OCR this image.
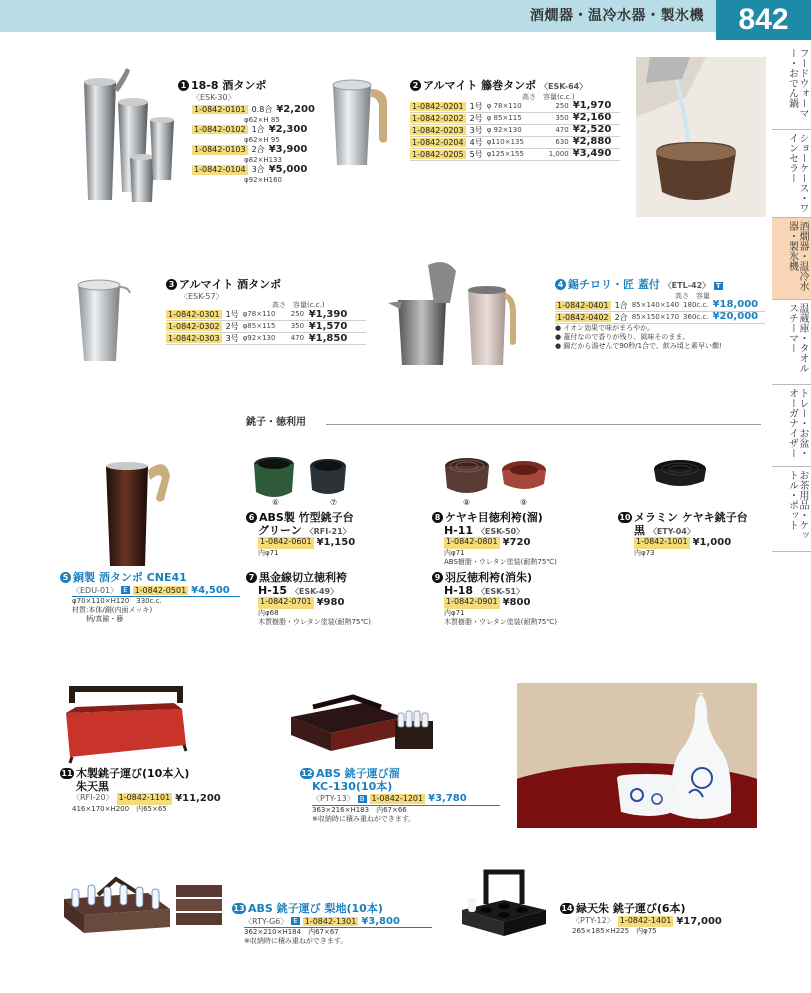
酒燗器・温冷水器・製氷機	842
フードウォーマー・おでん鍋
ショーケース・ワインセラー
酒燗器・温冷水器・製氷機
温蔵庫・タオルスチーマー
トレー・お盆・オーガナイザー
お茶用品・ケットル・ポット
1 18-8 酒タンポ
〈ESK-30〉
1-0842-0101 0.8合 ¥2,200
φ62×H 85
1-0842-0102 1合 ¥2,300
φ62×H 95
1-0842-0103 2合 ¥3,900
φ82×H133
1-0842-0104 3合 ¥5,000
φ92×H160
2 アルマイト 籐巻タンポ 〈ESK-64〉
高さ　 容量(c.c.)
1-0842-0201 1号 φ 78×110	250 ¥1,970
1-0842-0202 2号 φ 85×115	350 ¥2,160
1-0842-0203 3号 φ 92×130	470 ¥2,520
1-0842-0204 4号 φ110×135	630 ¥2,880
1-0842-0205 5号 φ125×155	1,000 ¥3,490
3 アルマイト 酒タンポ
〈ESK-57〉
高さ　 容量(c.c.)
1-0842-0301 1号 φ78×110	250 ¥1,390
1-0842-0302 2号 φ85×115	350 ¥1,570
1-0842-0303 3号 φ92×130	470 ¥1,850
4 錫チロリ・匠 蓋付 〈ETL-42〉 T
高さ　 容量
1-0842-0401 1合 85×140×140 180c.c. ¥18,000
1-0842-0402 2合 85×150×170 360c.c. ¥20,000
● イオン効果で味がまろやか。
● 蓋付なので香りが残り、風味そのまま。
● 錫だから湯せんで90秒/1合で、飲み頃と素早い燗!
銚子・徳利用
5 銅製 酒タンポ CNE41
〈EDU-01〉 E 1-0842-0501 ¥4,500
φ70×110×H120　330c.c.
材質:本体/銅(内面メッキ)
　　柄/真鍮・籐
⑥	⑦
6 ABS製 竹型銚子台
グリーン 〈RFI-21〉
1-0842-0601 ¥1,150
内φ71
7 黒金線切立徳利袴
H-15 〈ESK-49〉
1-0842-0701 ¥980
内φ68
木質樹脂・ウレタン塗装(耐熱75℃)
⑧	⑨
8 ケヤキ目徳利袴(溜)
H-11 〈ESK-50〉
1-0842-0801 ¥720
内φ71
ABS樹脂・ウレタン塗装(耐熱75℃)
9 羽反徳利袴(消朱)
H-18 〈ESK-51〉
1-0842-0901 ¥800
内φ71
木質樹脂・ウレタン塗装(耐熱75℃)
10 メラミン ケヤキ銚子台
黒 〈ETY-04〉
1-0842-1001 ¥1,000
内φ73
11 木製銚子運び(10本入)
朱天黒
〈RFI-20〉 1-0842-1101 ¥11,200
416×170×H200　内65×65
12 ABS 銚子運び溜
KC-130(10本)
〈PTY-13〉 B 1-0842-1201 ¥3,780
363×216×H183　内67×66
※収納時に積み重ねができます。
13 ABS 銚子運び 梨地(10本)
〈RTY-G6〉 E 1-0842-1301 ¥3,800
362×210×H184　内67×67
※収納時に積み重ねができます。
14 緑天朱 銚子運び(6本)
〈PTY-12〉 1-0842-1401 ¥17,000
265×185×H225　内φ75
